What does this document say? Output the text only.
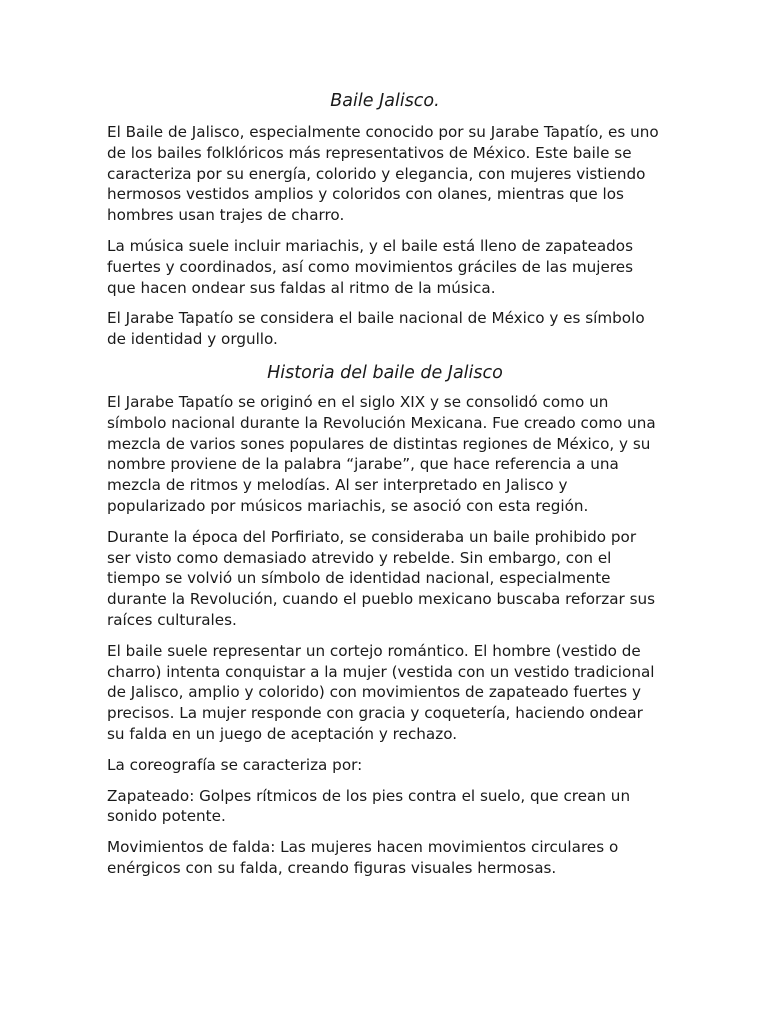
Baile Jalisco.

El Baile de Jalisco, especialmente conocido por su Jarabe Tapatío, es uno de los bailes folklóricos más representativos de México. Este baile se caracteriza por su energía, colorido y elegancia, con mujeres vistiendo hermosos vestidos amplios y coloridos con olanes, mientras que los hombres usan trajes de charro.

La música suele incluir mariachis, y el baile está lleno de zapateados fuertes y coordinados, así como movimientos gráciles de las mujeres que hacen ondear sus faldas al ritmo de la música.

El Jarabe Tapatío se considera el baile nacional de México y es símbolo de identidad y orgullo.

Historia del baile de Jalisco

El Jarabe Tapatío se originó en el siglo XIX y se consolidó como un símbolo nacional durante la Revolución Mexicana. Fue creado como una mezcla de varios sones populares de distintas regiones de México, y su nombre proviene de la palabra “jarabe”, que hace referencia a una mezcla de ritmos y melodías. Al ser interpretado en Jalisco y popularizado por músicos mariachis, se asoció con esta región.

Durante la época del Porfiriato, se consideraba un baile prohibido por ser visto como demasiado atrevido y rebelde. Sin embargo, con el tiempo se volvió un símbolo de identidad nacional, especialmente durante la Revolución, cuando el pueblo mexicano buscaba reforzar sus raíces culturales.

El baile suele representar un cortejo romántico. El hombre (vestido de charro) intenta conquistar a la mujer (vestida con un vestido tradicional de Jalisco, amplio y colorido) con movimientos de zapateado fuertes y precisos. La mujer responde con gracia y coquetería, haciendo ondear su falda en un juego de aceptación y rechazo.

La coreografía se caracteriza por:

Zapateado: Golpes rítmicos de los pies contra el suelo, que crean un sonido potente.

Movimientos de falda: Las mujeres hacen movimientos circulares o enérgicos con su falda, creando figuras visuales hermosas.
